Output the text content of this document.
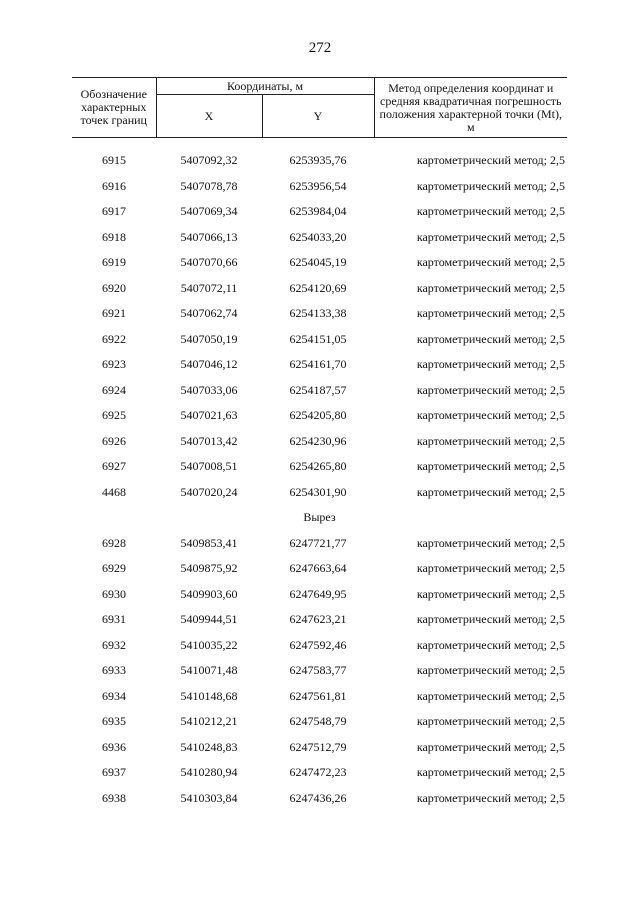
272
Обозначение характерных точек границ	Координаты, м		Метод определения координат и средняя квадратичная погрешность положения характерной точки (Mt), м
	X	Y	

6915	5407092,32	6253935,76	картометрический метод; 2,5
6916	5407078,78	6253956,54	картометрический метод; 2,5
6917	5407069,34	6253984,04	картометрический метод; 2,5
6918	5407066,13	6254033,20	картометрический метод; 2,5
6919	5407070,66	6254045,19	картометрический метод; 2,5
6920	5407072,11	6254120,69	картометрический метод; 2,5
6921	5407062,74	6254133,38	картометрический метод; 2,5
6922	5407050,19	6254151,05	картометрический метод; 2,5
6923	5407046,12	6254161,70	картометрический метод; 2,5
6924	5407033,06	6254187,57	картометрический метод; 2,5
6925	5407021,63	6254205,80	картометрический метод; 2,5
6926	5407013,42	6254230,96	картометрический метод; 2,5
6927	5407008,51	6254265,80	картометрический метод; 2,5
4468	5407020,24	6254301,90	картометрический метод; 2,5
Вырез			
6928	5409853,41	6247721,77	картометрический метод; 2,5
6929	5409875,92	6247663,64	картометрический метод; 2,5
6930	5409903,60	6247649,95	картометрический метод; 2,5
6931	5409944,51	6247623,21	картометрический метод; 2,5
6932	5410035,22	6247592,46	картометрический метод; 2,5
6933	5410071,48	6247583,77	картометрический метод; 2,5
6934	5410148,68	6247561,81	картометрический метод; 2,5
6935	5410212,21	6247548,79	картометрический метод; 2,5
6936	5410248,83	6247512,79	картометрический метод; 2,5
6937	5410280,94	6247472,23	картометрический метод; 2,5
6938	5410303,84	6247436,26	картометрический метод; 2,5
